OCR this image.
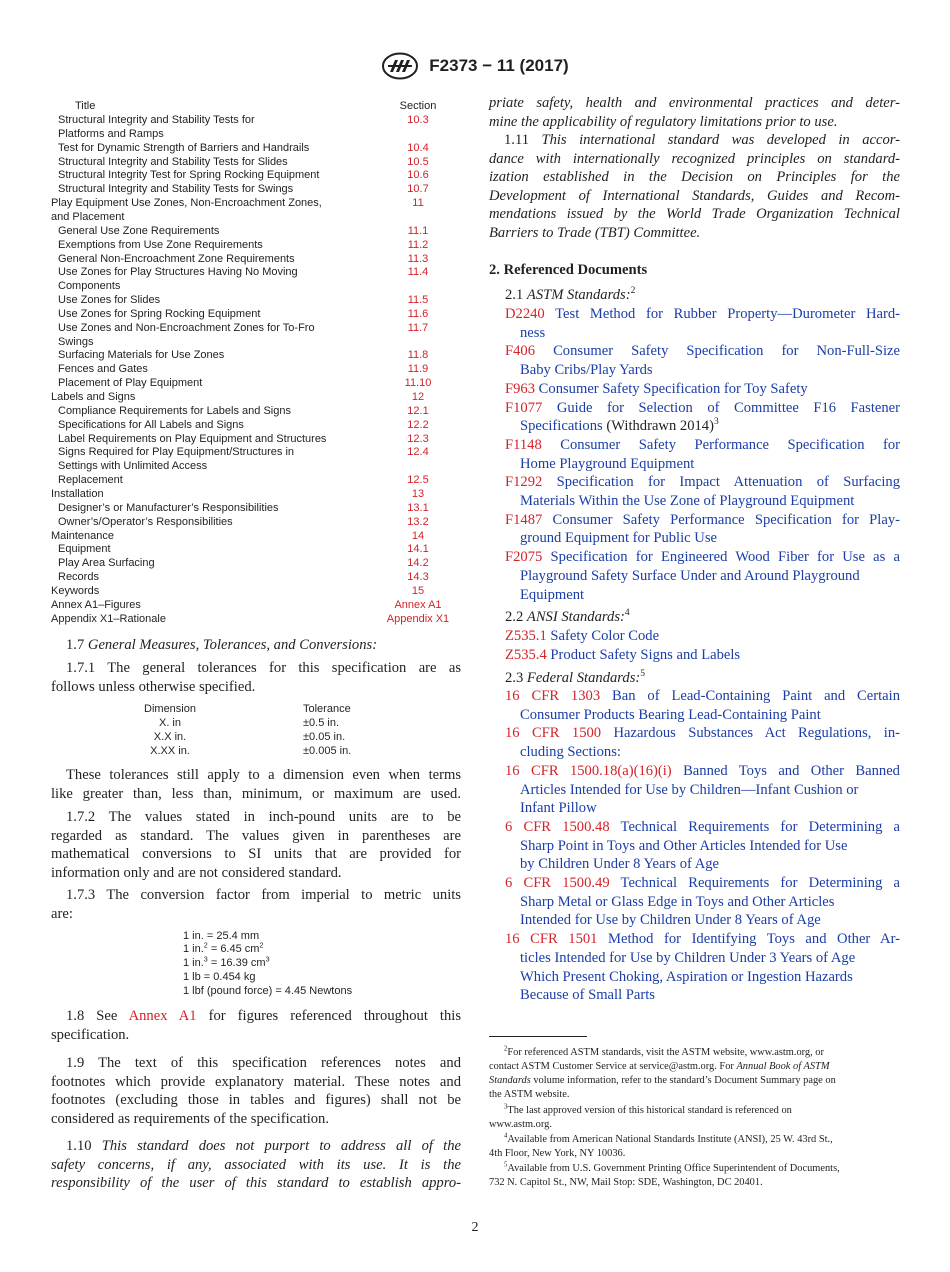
F2373 − 11 (2017)
Title	Section
Structural Integrity and Stability Tests for	10.3
Platforms and Ramps
Test for Dynamic Strength of Barriers and Handrails	10.4
Structural Integrity and Stability Tests for Slides	10.5
Structural Integrity Test for Spring Rocking Equipment	10.6
Structural Integrity and Stability Tests for Swings	10.7
Play Equipment Use Zones, Non-Encroachment Zones,	11
and Placement
General Use Zone Requirements	11.1
Exemptions from Use Zone Requirements	11.2
General Non-Encroachment Zone Requirements	11.3
Use Zones for Play Structures Having No Moving	11.4
Components
Use Zones for Slides	11.5
Use Zones for Spring Rocking Equipment	11.6
Use Zones and Non-Encroachment Zones for To-Fro	11.7
Swings
Surfacing Materials for Use Zones	11.8
Fences and Gates	11.9
Placement of Play Equipment	11.10
Labels and Signs	12
Compliance Requirements for Labels and Signs	12.1
Specifications for All Labels and Signs	12.2
Label Requirements on Play Equipment and Structures	12.3
Signs Required for Play Equipment/Structures in	12.4
Settings with Unlimited Access
Replacement	12.5
Installation	13
Designer’s or Manufacturer’s Responsibilities	13.1
Owner’s/Operator’s Responsibilities	13.2
Maintenance	14
Equipment	14.1
Play Area Surfacing	14.2
Records	14.3
Keywords	15
Annex A1–Figures	Annex A1
Appendix X1–Rationale	Appendix X1
1.7 General Measures, Tolerances, and Conversions:
1.7.1 The general tolerances for this specification are as
follows unless otherwise specified.
Dimension	Tolerance
X. in	±0.5 in.
X.X in.	±0.05 in.
X.XX in.	±0.005 in.
These tolerances still apply to a dimension even when terms
like greater than, less than, minimum, or maximum are used.
1.7.2 The values stated in inch-pound units are to be
regarded as standard. The values given in parentheses are
mathematical conversions to SI units that are provided for
information only and are not considered standard.
1.7.3 The conversion factor from imperial to metric units
are:
1 in. = 25.4 mm
1 in.$^2$ = 6.45 $cm^2$
1 in.$^3$ = 16.39 $cm^3$
1 lb = 0.454 kg
1 lbf (pound force) = 4.45 Newtons
1.8 See Annex A1 for figures referenced throughout this
specification.
1.9 The text of this specification references notes and
footnotes which provide explanatory material. These notes and
footnotes (excluding those in tables and figures) shall not be
considered as requirements of the specification.
1.10 This standard does not purport to address all of the
safety concerns, if any, associated with its use. It is the
responsibility of the user of this standard to establish appro-
priate safety, health and environmental practices and deter-
mine the applicability of regulatory limitations prior to use.
1.11 This international standard was developed in accor-
dance with internationally recognized principles on standard-
ization established in the Decision on Principles for the
Development of International Standards, Guides and Recom-
mendations issued by the World Trade Organization Technical
Barriers to Trade (TBT) Committee.
2. Referenced Documents
2.1 ASTM Standards:$^2$
D2240 Test Method for Rubber Property—Durometer Hard-
ness
F406 Consumer Safety Specification for Non-Full-Size
Baby Cribs/Play Yards
F963 Consumer Safety Specification for Toy Safety
F1077 Guide for Selection of Committee F16 Fastener
Specifications (Withdrawn 2014)$^3$
F1148 Consumer Safety Performance Specification for
Home Playground Equipment
F1292 Specification for Impact Attenuation of Surfacing
Materials Within the Use Zone of Playground Equipment
F1487 Consumer Safety Performance Specification for Play-
ground Equipment for Public Use
F2075 Specification for Engineered Wood Fiber for Use as a
Playground Safety Surface Under and Around Playground
Equipment
2.2 ANSI Standards:$^4$
Z535.1 Safety Color Code
Z535.4 Product Safety Signs and Labels
2.3 Federal Standards:$^5$
16 CFR 1303 Ban of Lead-Containing Paint and Certain
Consumer Products Bearing Lead-Containing Paint
16 CFR 1500 Hazardous Substances Act Regulations, in-
cluding Sections:
16 CFR 1500.18(a)(16)(i) Banned Toys and Other Banned
Articles Intended for Use by Children—Infant Cushion or
Infant Pillow
6 CFR 1500.48 Technical Requirements for Determining a
Sharp Point in Toys and Other Articles Intended for Use
by Children Under 8 Years of Age
6 CFR 1500.49 Technical Requirements for Determining a
Sharp Metal or Glass Edge in Toys and Other Articles
Intended for Use by Children Under 8 Years of Age
16 CFR 1501 Method for Identifying Toys and Other Ar-
ticles Intended for Use by Children Under 3 Years of Age
Which Present Choking, Aspiration or Ingestion Hazards
Because of Small Parts
$^2$For referenced ASTM standards, visit the ASTM website, www.astm.org, or
contact ASTM Customer Service at service@astm.org. For Annual Book of ASTM
Standards volume information, refer to the standard’s Document Summary page on
the ASTM website.
$^3$The last approved version of this historical standard is referenced on
www.astm.org.
$^4$Available from American National Standards Institute (ANSI), 25 W. 43rd St.,
4th Floor, New York, NY 10036.
$^5$Available from U.S. Government Printing Office Superintendent of Documents,
732 N. Capitol St., NW, Mail Stop: SDE, Washington, DC 20401.
2
